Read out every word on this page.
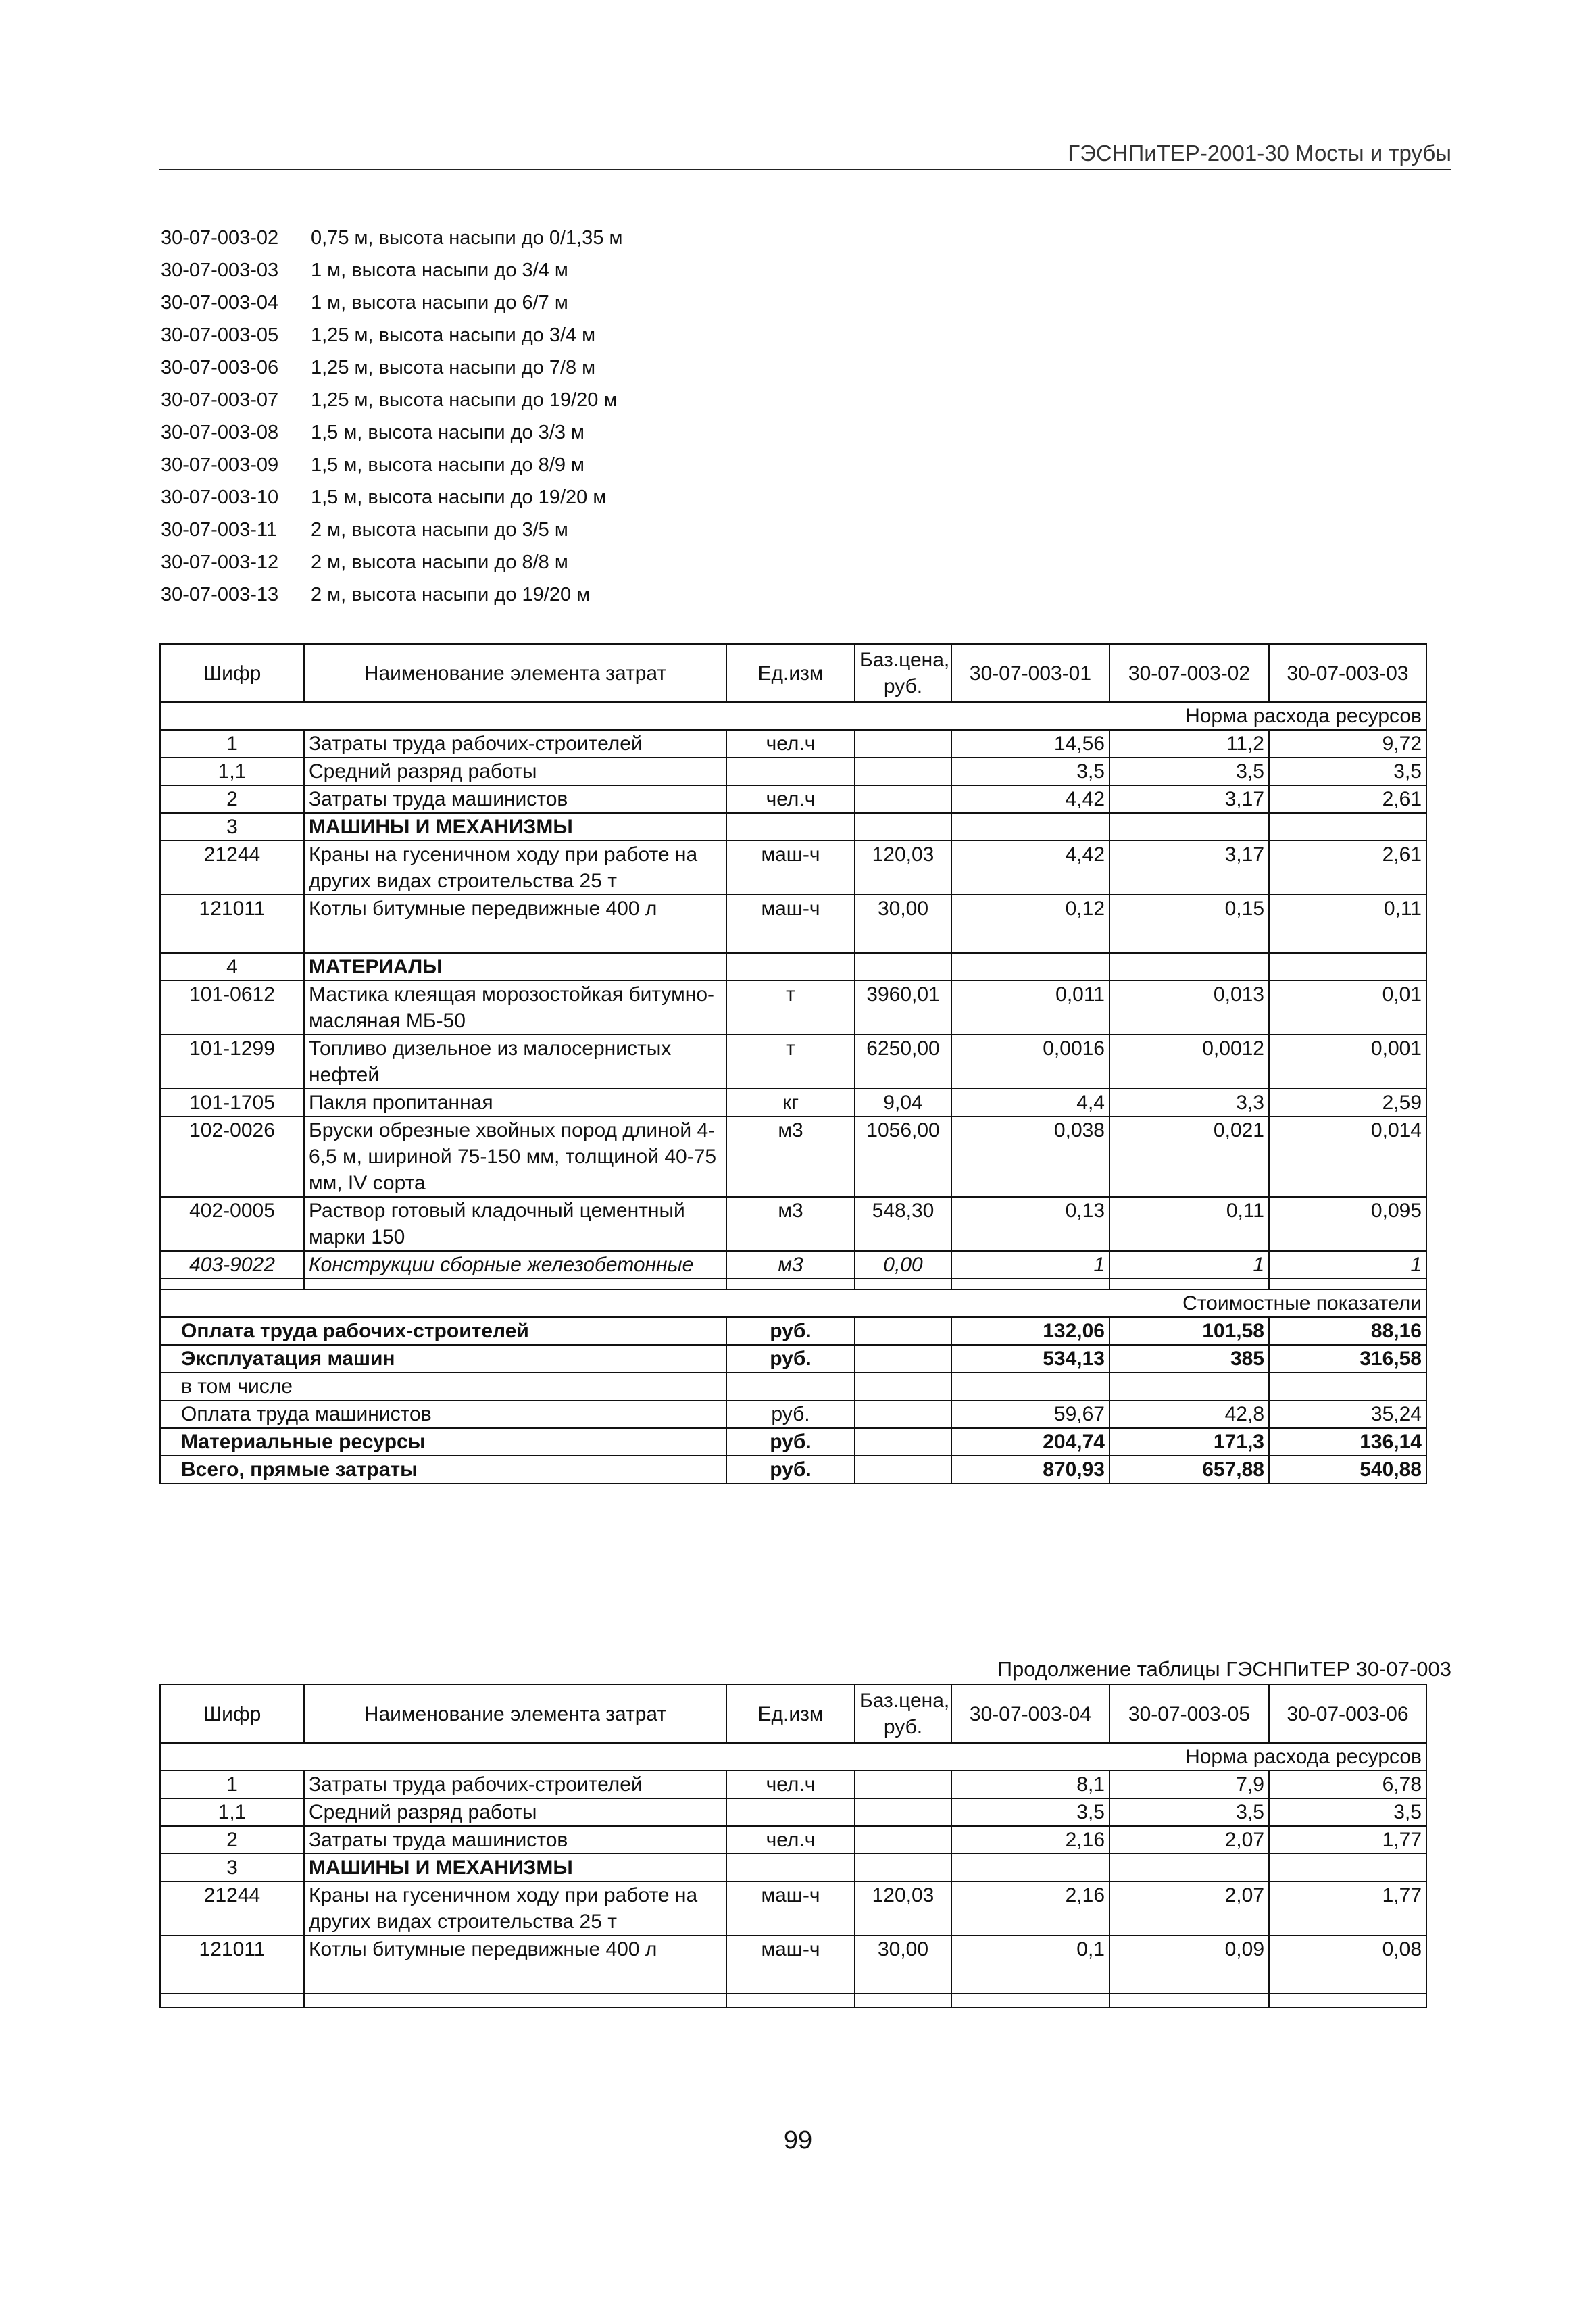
ГЭСНПиТЕР-2001-30 Мосты и трубы
30-07-003-02 0,75 м, высота насыпи до 0/1,35 м
30-07-003-03 1 м, высота насыпи до 3/4 м
30-07-003-04 1 м, высота насыпи до 6/7 м
30-07-003-05 1,25 м, высота насыпи до 3/4 м
30-07-003-06 1,25 м, высота насыпи до 7/8 м
30-07-003-07 1,25 м, высота насыпи до 19/20 м
30-07-003-08 1,5 м, высота насыпи до 3/3 м
30-07-003-09 1,5 м, высота насыпи до 8/9 м
30-07-003-10 1,5 м, высота насыпи до 19/20 м
30-07-003-11 2 м, высота насыпи до 3/5 м
30-07-003-12 2 м, высота насыпи до 8/8 м
30-07-003-13 2 м, высота насыпи до 19/20 м
Шифр	Наименование элемента затрат	Ед.изм	Баз.цена, руб.	30-07-003-01	30-07-003-02	30-07-003-03
Норма расхода ресурсов						
1	Затраты труда рабочих-строителей	чел.ч		14,56	11,2	9,72
1,1	Средний разряд работы			3,5	3,5	3,5
2	Затраты труда машинистов	чел.ч		4,42	3,17	2,61
3	МАШИНЫ И МЕХАНИЗМЫ					
21244	Краны на гусеничном ходу при работе на других видах строительства 25 т	маш-ч	120,03	4,42	3,17	2,61
121011	Котлы битумные передвижные 400 л	маш-ч	30,00	0,12	0,15	0,11
4	МАТЕРИАЛЫ					
101-0612	Мастика клеящая морозостойкая битумно-масляная МБ-50	т	3960,01	0,011	0,013	0,01
101-1299	Топливо дизельное из малосернистых нефтей	т	6250,00	0,0016	0,0012	0,001
101-1705	Пакля пропитанная	кг	9,04	4,4	3,3	2,59
102-0026	Бруски обрезные хвойных пород длиной 4-6,5 м, шириной 75-150 мм, толщиной 40-75 мм, IV сорта	м3	1056,00	0,038	0,021	0,014
402-0005	Раствор готовый кладочный цементный марки 150	м3	548,30	0,13	0,11	0,095
403-9022	Конструкции сборные железобетонные	м3	0,00	1	1	1

Стоимостные показатели						
Оплата труда рабочих-строителей		руб.		132,06	101,58	88,16
Эксплуатация машин		руб.		534,13	385	316,58
в том числе						
Оплата труда машинистов		руб.		59,67	42,8	35,24
Материальные ресурсы		руб.		204,74	171,3	136,14
Всего, прямые затраты		руб.		870,93	657,88	540,88
Продолжение таблицы ГЭСНПиТЕР 30-07-003
Шифр	Наименование элемента затрат	Ед.изм	Баз.цена, руб.	30-07-003-04	30-07-003-05	30-07-003-06
Норма расхода ресурсов						
1	Затраты труда рабочих-строителей	чел.ч		8,1	7,9	6,78
1,1	Средний разряд работы			3,5	3,5	3,5
2	Затраты труда машинистов	чел.ч		2,16	2,07	1,77
3	МАШИНЫ И МЕХАНИЗМЫ					
21244	Краны на гусеничном ходу при работе на других видах строительства 25 т	маш-ч	120,03	2,16	2,07	1,77
121011	Котлы битумные передвижные 400 л	маш-ч	30,00	0,1	0,09	0,08

99
